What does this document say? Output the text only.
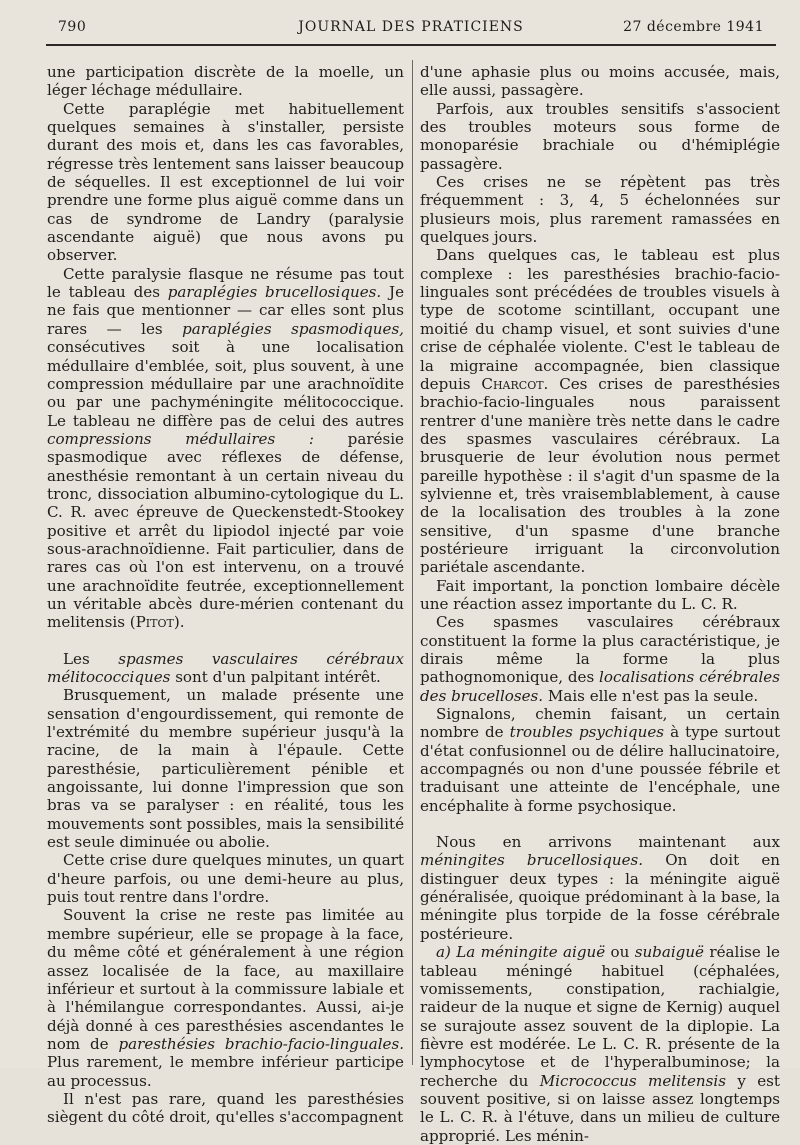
790	JOURNAL DES PRATICIENS	27 décembre 1941

une participation discrète de la moelle, un léger léchage médullaire.

Cette paraplégie met habituellement quelques semaines à s'installer, persiste durant des mois et, dans les cas favorables, régresse très lentement sans laisser beaucoup de séquelles. Il est exceptionnel de lui voir prendre une forme plus aiguë comme dans un cas de syndrome de Landry (paralysie ascendante aiguë) que nous avons pu observer.

Cette paralysie flasque ne résume pas tout le tableau des paraplégies brucellosiques. Je ne fais que mentionner — car elles sont plus rares — les paraplégies spasmodiques, consécutives soit à une localisation médullaire d'emblée, soit, plus souvent, à une compression médullaire par une arachnoïdite ou par une pachyméningite mélitococcique. Le tableau ne diffère pas de celui des autres compressions médullaires : parésie spasmodique avec réflexes de défense, anesthésie remontant à un certain niveau du tronc, dissociation albumino-cytologique du L. C. R. avec épreuve de Queckenstedt-Stookey positive et arrêt du lipiodol injecté par voie sous-arachnoïdienne. Fait particulier, dans de rares cas où l'on est intervenu, on a trouvé une arachnoïdite feutrée, exceptionnellement un véritable abcès dure-mérien contenant du melitensis (Pitot).

Les spasmes vasculaires cérébraux mélitococciques sont d'un palpitant intérêt.

Brusquement, un malade présente une sensation d'engourdissement, qui remonte de l'extrémité du membre supérieur jusqu'à la racine, de la main à l'épaule. Cette paresthésie, particulièrement pénible et angoissante, lui donne l'impression que son bras va se paralyser : en réalité, tous les mouvements sont possibles, mais la sensibilité est seule diminuée ou abolie.

Cette crise dure quelques minutes, un quart d'heure parfois, ou une demi-heure au plus, puis tout rentre dans l'ordre.

Souvent la crise ne reste pas limitée au membre supérieur, elle se propage à la face, du même côté et généralement à une région assez localisée de la face, au maxillaire inférieur et surtout à la commissure labiale et à l'hémilangue correspondantes. Aussi, ai-je déjà donné à ces paresthésies ascendantes le nom de paresthésies brachio-facio-linguales. Plus rarement, le membre inférieur participe au processus.

Il n'est pas rare, quand les paresthésies siègent du côté droit, qu'elles s'accompagnent

d'une aphasie plus ou moins accusée, mais, elle aussi, passagère.

Parfois, aux troubles sensitifs s'associent des troubles moteurs sous forme de monoparésie brachiale ou d'hémiplégie passagère.

Ces crises ne se répètent pas très fréquemment : 3, 4, 5 échelonnées sur plusieurs mois, plus rarement ramassées en quelques jours.

Dans quelques cas, le tableau est plus complexe : les paresthésies brachio-facio-linguales sont précédées de troubles visuels à type de scotome scintillant, occupant une moitié du champ visuel, et sont suivies d'une crise de céphalée violente. C'est le tableau de la migraine accompagnée, bien classique depuis Charcot. Ces crises de paresthésies brachio-facio-linguales nous paraissent rentrer d'une manière très nette dans le cadre des spasmes vasculaires cérébraux. La brusquerie de leur évolution nous permet pareille hypothèse : il s'agit d'un spasme de la sylvienne et, très vraisemblablement, à cause de la localisation des troubles à la zone sensitive, d'un spasme d'une branche postérieure irriguant la circonvolution pariétale ascendante.

Fait important, la ponction lombaire décèle une réaction assez importante du L. C. R.

Ces spasmes vasculaires cérébraux constituent la forme la plus caractéristique, je dirais même la forme la plus pathognomonique, des localisations cérébrales des brucelloses. Mais elle n'est pas la seule.

Signalons, chemin faisant, un certain nombre de troubles psychiques à type surtout d'état confusionnel ou de délire hallucinatoire, accompagnés ou non d'une poussée fébrile et traduisant une atteinte de l'encéphale, une encéphalite à forme psychosique.

Nous en arrivons maintenant aux méningites brucellosiques. On doit en distinguer deux types : la méningite aiguë généralisée, quoique prédominant à la base, la méningite plus torpide de la fosse cérébrale postérieure.

a) La méningite aiguë ou subaiguë réalise le tableau méningé habituel (céphalées, vomissements, constipation, rachialgie, raideur de la nuque et signe de Kernig) auquel se surajoute assez souvent de la diplopie. La fièvre est modérée. Le L. C. R. présente de la lymphocytose et de l'hyperalbuminose; la recherche du Micrococcus melitensis y est souvent positive, si on laisse assez longtemps le L. C. R. à l'étuve, dans un milieu de culture approprié. Les ménin-
